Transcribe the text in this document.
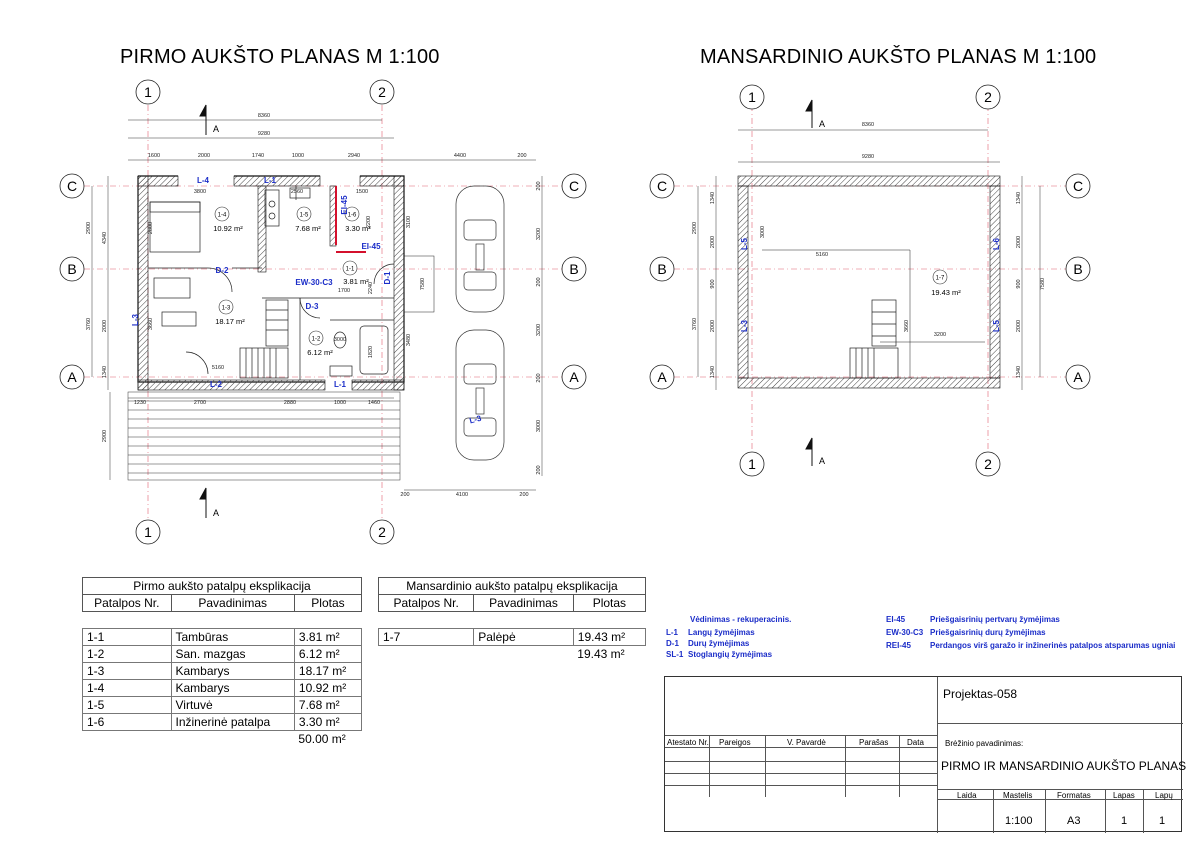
PIRMO AUKŠTO PLANAS M 1:100	MANSARDINIO AUKŠTO PLANAS M 1:100
1	2
1	2
C
B
A
C
B
A
A
A
8360
9280
1600	2000	1740	1000	2940	4400	200
3800	2560	1500
1230	2700	2880	1000	1460
5160
3000
1700
200	4100	200
2900
4340
3760 2000
1340
2900
2800	2200	3100
3660
2240
1820
3480
7580
200
3200
200
3200
200
3000
200
1-4
10.92 m²
1-5
7.68 m²
1-6
3.30 m²
1-1
3.81 m²
1-3
18.17 m²
1-2
6.12 m²
L-4	L-1
L-3
L-2	L-1
D-2
D-3
D-1
EW-30-C3
EI-45
EI-45
L-3
1	2
1	2
C
B
A
C
B
A
A
A
8360
9280
1340
2000
900
2000
1340
2900
3760
1340
2000
900
2000
1340
7580
3000
5160
3660
3200
1-7
19.43 m²
L-5	L-6
L-3	L-5
Pirmo aukšto patalpų eksplikacija		
Patalpos Nr.	Pavadinimas	Plotas

1-1	Tambūras	3.81 m²
1-2	San. mazgas	6.12 m²
1-3	Kambarys	18.17 m²
1-4	Kambarys	10.92 m²
1-5	Virtuvė	7.68 m²
1-6	Inžinerinė patalpa	3.30 m²
		50.00 m²
Mansardinio aukšto patalpų eksplikacija		
Patalpos Nr.	Pavadinimas	Plotas

1-7	Palėpė	19.43 m²
		19.43 m²
Vėdinimas - rekuperacinis.
L-1 Langų žymėjimas
D-1 Durų žymėjimas
SL-1 Stoglangių žymėjimas
EI-45	Priešgaisrinių pertvarų žymėjimas
EW-30-C3 Priešgaisrinių durų žymėjimas
REI-45 Perdangos virš garažo ir inžinerinės patalpos atsparumas ugniai
Projektas-058
Atestato Nr. Pareigos	V. Pavardė	Parašas Data	Brėžinio pavadinimas:
PIRMO IR MANSARDINIO AUKŠTO PLANAS
Laida	Mastelis	Formatas	Lapas	Lapų
1:100	A3	1	1
